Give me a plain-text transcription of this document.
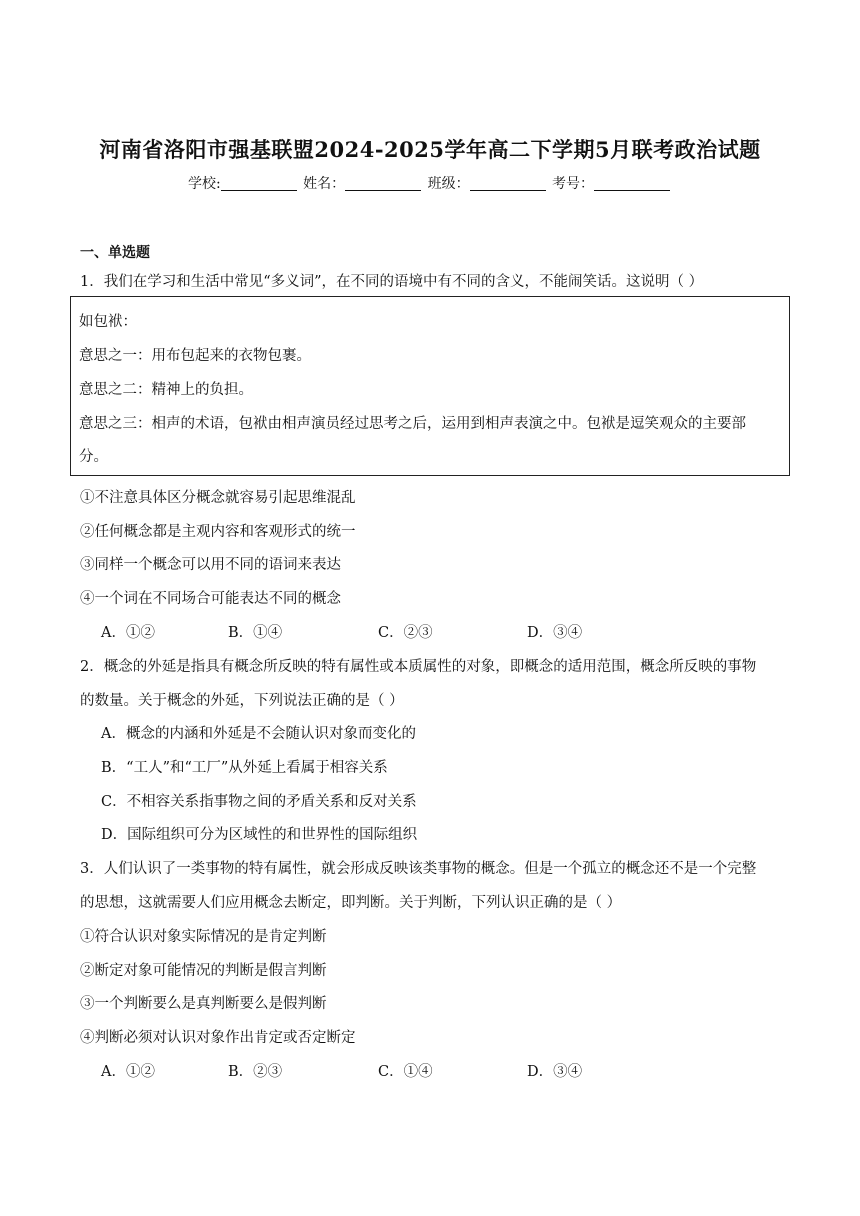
河南省洛阳市强基联盟2024-2025学年高二下学期5月联考政治试题
学校:	姓名：	班级：	考号：
一、单选题
1．我们在学习和生活中常见“多义词”，在不同的语境中有不同的含义，不能闹笑话。这说明（ ）
如包袱：
意思之一：用布包起来的衣物包裹。
意思之二：精神上的负担。
意思之三：相声的术语，包袱由相声演员经过思考之后，运用到相声表演之中。包袱是逗笑观众的主要部
分。
①不注意具体区分概念就容易引起思维混乱
②任何概念都是主观内容和客观形式的统一
③同样一个概念可以用不同的语词来表达
④一个词在不同场合可能表达不同的概念
A．①②	B．①④	C．②③	D．③④
2．概念的外延是指具有概念所反映的特有属性或本质属性的对象，即概念的适用范围，概念所反映的事物
的数量。关于概念的外延，下列说法正确的是（ ）
A．概念的内涵和外延是不会随认识对象而变化的
B．“工人”和“工厂”从外延上看属于相容关系
C．不相容关系指事物之间的矛盾关系和反对关系
D．国际组织可分为区域性的和世界性的国际组织
3．人们认识了一类事物的特有属性，就会形成反映该类事物的概念。但是一个孤立的概念还不是一个完整
的思想，这就需要人们应用概念去断定，即判断。关于判断，下列认识正确的是（ ）
①符合认识对象实际情况的是肯定判断
②断定对象可能情况的判断是假言判断
③一个判断要么是真判断要么是假判断
④判断必须对认识对象作出肯定或否定断定
A．①②	B．②③	C．①④	D．③④
